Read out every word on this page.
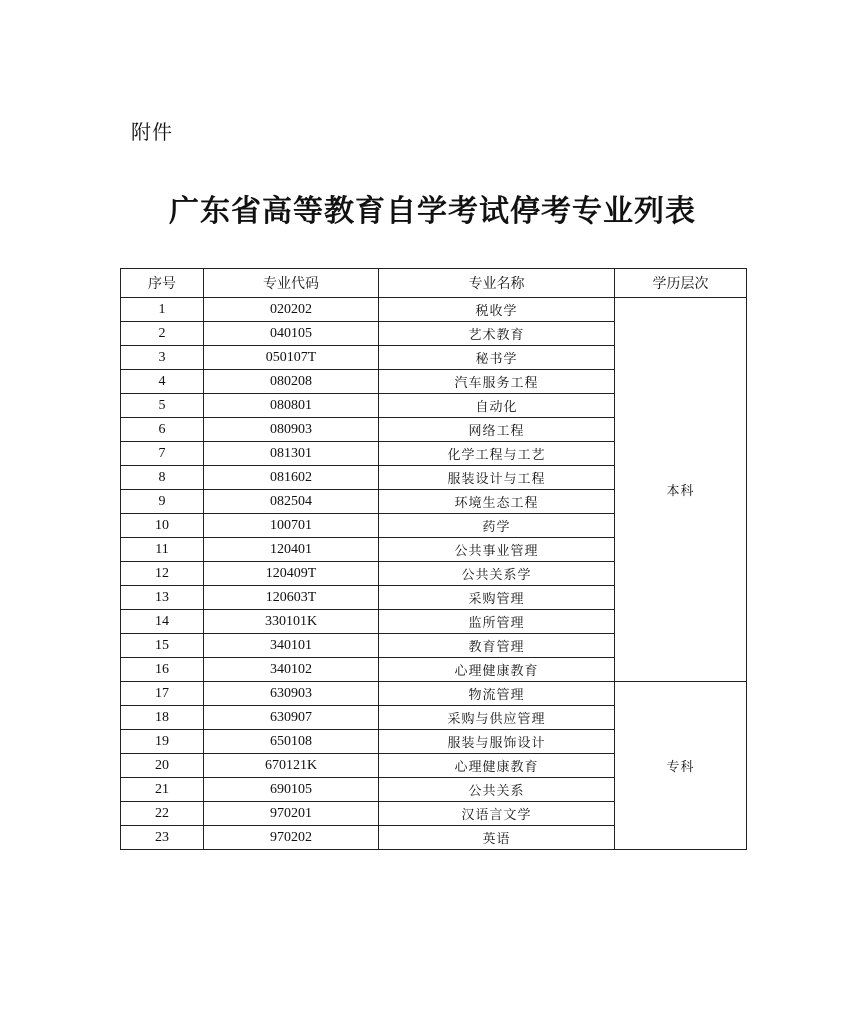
附件
广东省高等教育自学考试停考专业列表
序号	专业代码	专业名称	学历层次
1	020202	税收学	本科
2	040105	艺术教育	
3	050107T	秘书学	
4	080208	汽车服务工程	
5	080801	自动化	
6	080903	网络工程	
7	081301	化学工程与工艺	
8	081602	服装设计与工程	
9	082504	环境生态工程	
10	100701	药学	
11	120401	公共事业管理	
12	120409T	公共关系学	
13	120603T	采购管理	
14	330101K	监所管理	
15	340101	教育管理	
16	340102	心理健康教育	
17	630903	物流管理	专科
18	630907	采购与供应管理	
19	650108	服装与服饰设计	
20	670121K	心理健康教育	
21	690105	公共关系	
22	970201	汉语言文学	
23	970202	英语	
